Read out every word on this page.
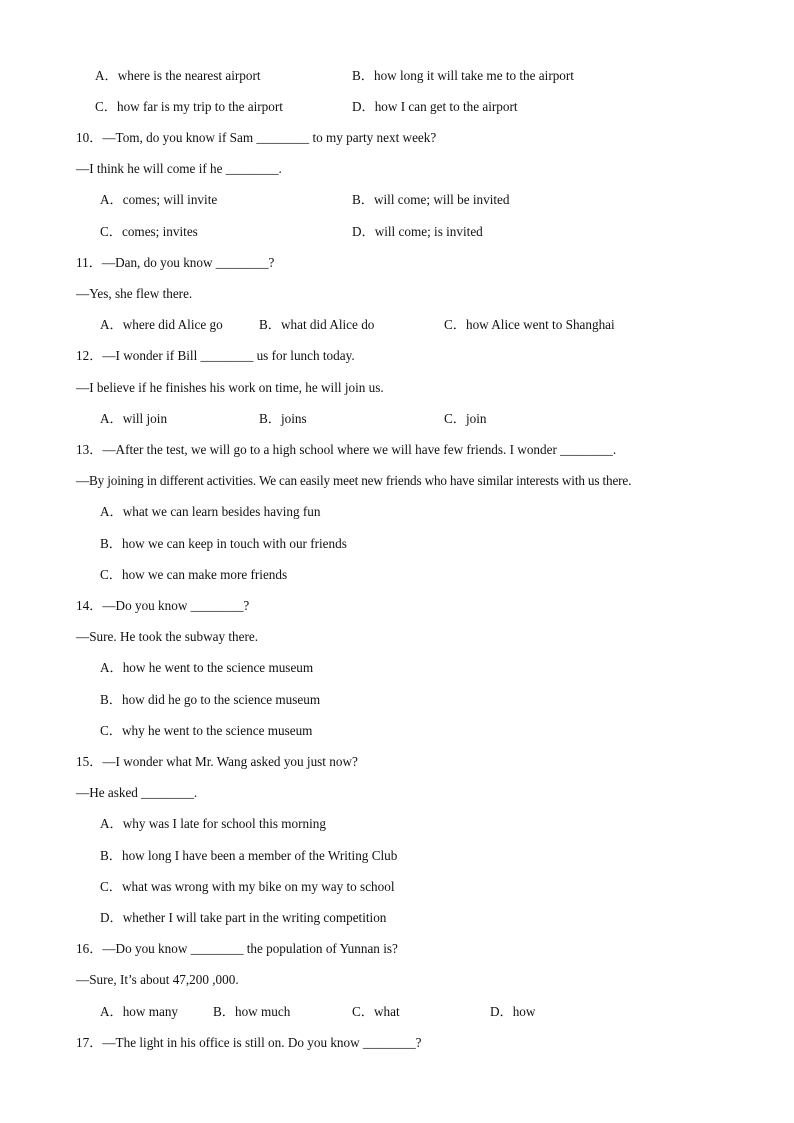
A．where is the nearest airport	B．how long it will take me to the airport
C．how far is my trip to the airport	D．how I can get to the airport
10．—Tom, do you know if Sam ________ to my party next week?
—I think he will come if he ________.
A．comes; will invite	B．will come; will be invited
C．comes; invites	D．will come; is invited
11．—Dan, do you know ________?
—Yes, she flew there.
A．where did Alice go	B．what did Alice do	C．how Alice went to Shanghai
12．—I wonder if Bill ________ us for lunch today.
—I believe if he finishes his work on time, he will join us.
A．will join	B．joins	C．join
13．—After the test, we will go to a high school where we will have few friends. I wonder ________.
—By joining in different activities. We can easily meet new friends who have similar interests with us there.
A．what we can learn besides having fun
B．how we can keep in touch with our friends
C．how we can make more friends
14．—Do you know ________?
—Sure. He took the subway there.
A．how he went to the science museum
B．how did he go to the science museum
C．why he went to the science museum
15．—I wonder what Mr. Wang asked you just now?
—He asked ________.
A．why was I late for school this morning
B．how long I have been a member of the Writing Club
C．what was wrong with my bike on my way to school
D．whether I will take part in the writing competition
16．—Do you know ________ the population of Yunnan is?
—Sure, It’s about 47,200 ,000.
A．how many	B．how much	C．what	D．how
17．—The light in his office is still on. Do you know ________?
